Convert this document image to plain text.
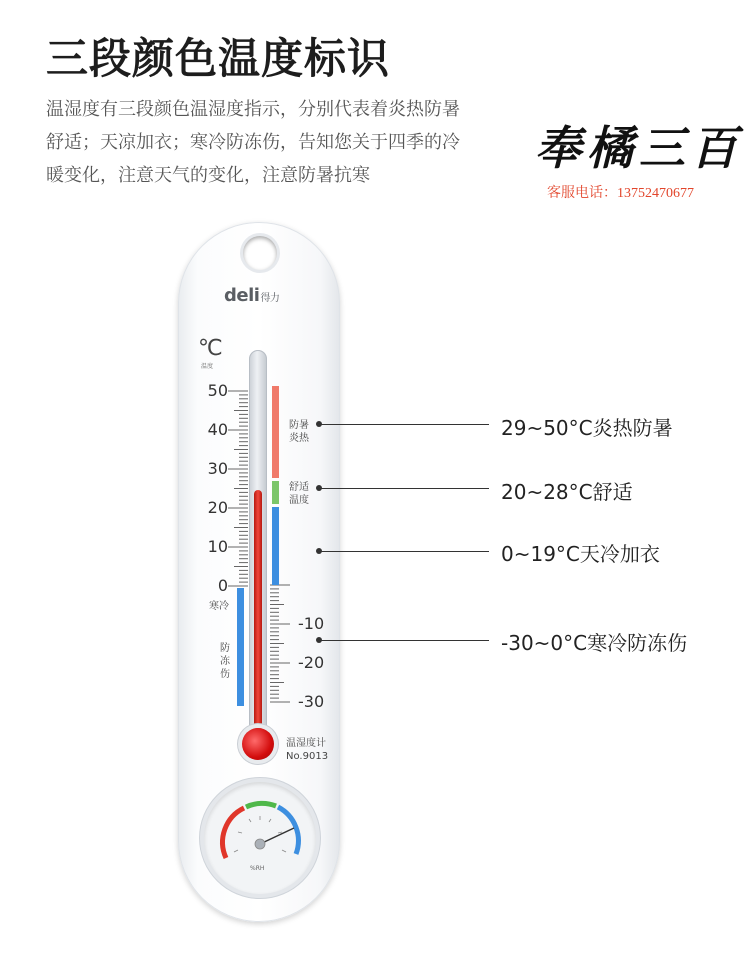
三段颜色温度标识
温湿度有三段颜色温湿度指示，分别代表着炎热防暑
舒适；天凉加衣；寒冷防冻伤，告知您关于四季的冷
暖变化，注意天气的变化，注意防暑抗寒
奉橘三百
客服电话：13752470677
deli得力
℃
温度
50
40
30
20
10
0
-10
-20
-30
防暑
炎热
舒适
温度
寒冷
防
冻
伤
温湿度计
No.9013
%RH
29~50°C炎热防暑
20~28°C舒适
0~19°C天冷加衣
-30~0°C寒冷防冻伤
